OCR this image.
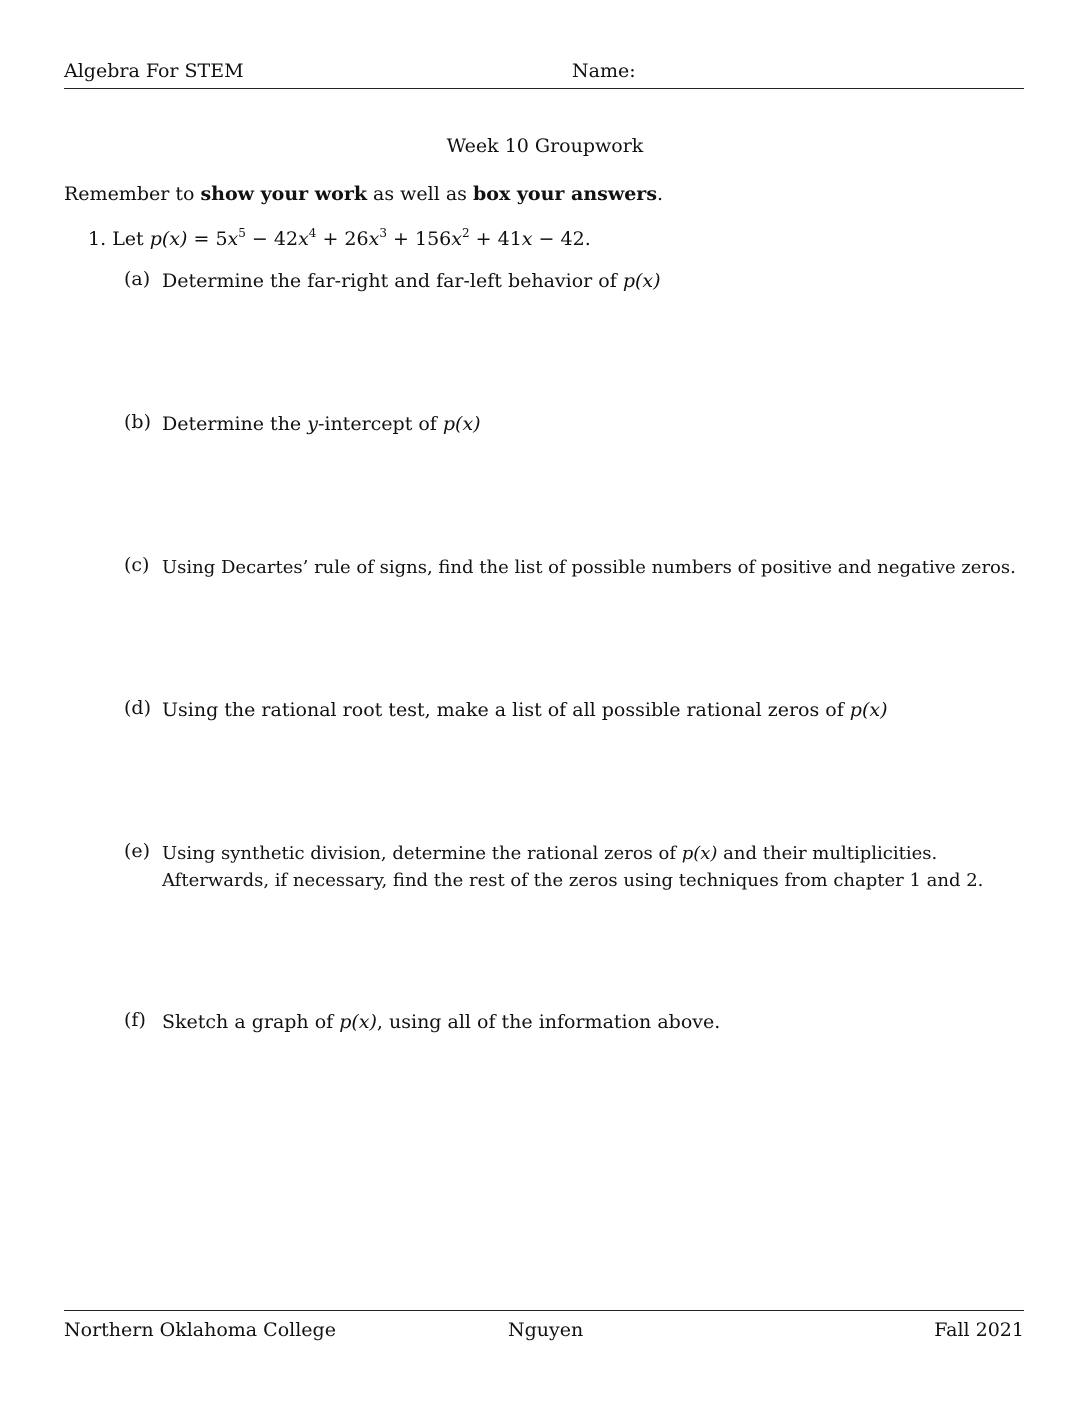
Algebra For STEM	Name:
Week 10 Groupwork
Remember to show your work as well as box your answers.
1. Let $p(x) = 5x^5 - 42x^4 + 26x^3 + 156x^2 + 41x - 42$.
(a) Determine the far-right and far-left behavior of p(x)
(b) Determine the y-intercept of p(x)
(c) Using Decartes’ rule of signs, find the list of possible numbers of positive and negative zeros.
(d) Using the rational root test, make a list of all possible rational zeros of p(x)
(e) Using synthetic division, determine the rational zeros of p(x) and their multiplicities. Afterwards, if necessary, find the rest of the zeros using techniques from chapter 1 and 2.
(f) Sketch a graph of p(x), using all of the information above.
Northern Oklahoma College	Nguyen	Fall 2021
